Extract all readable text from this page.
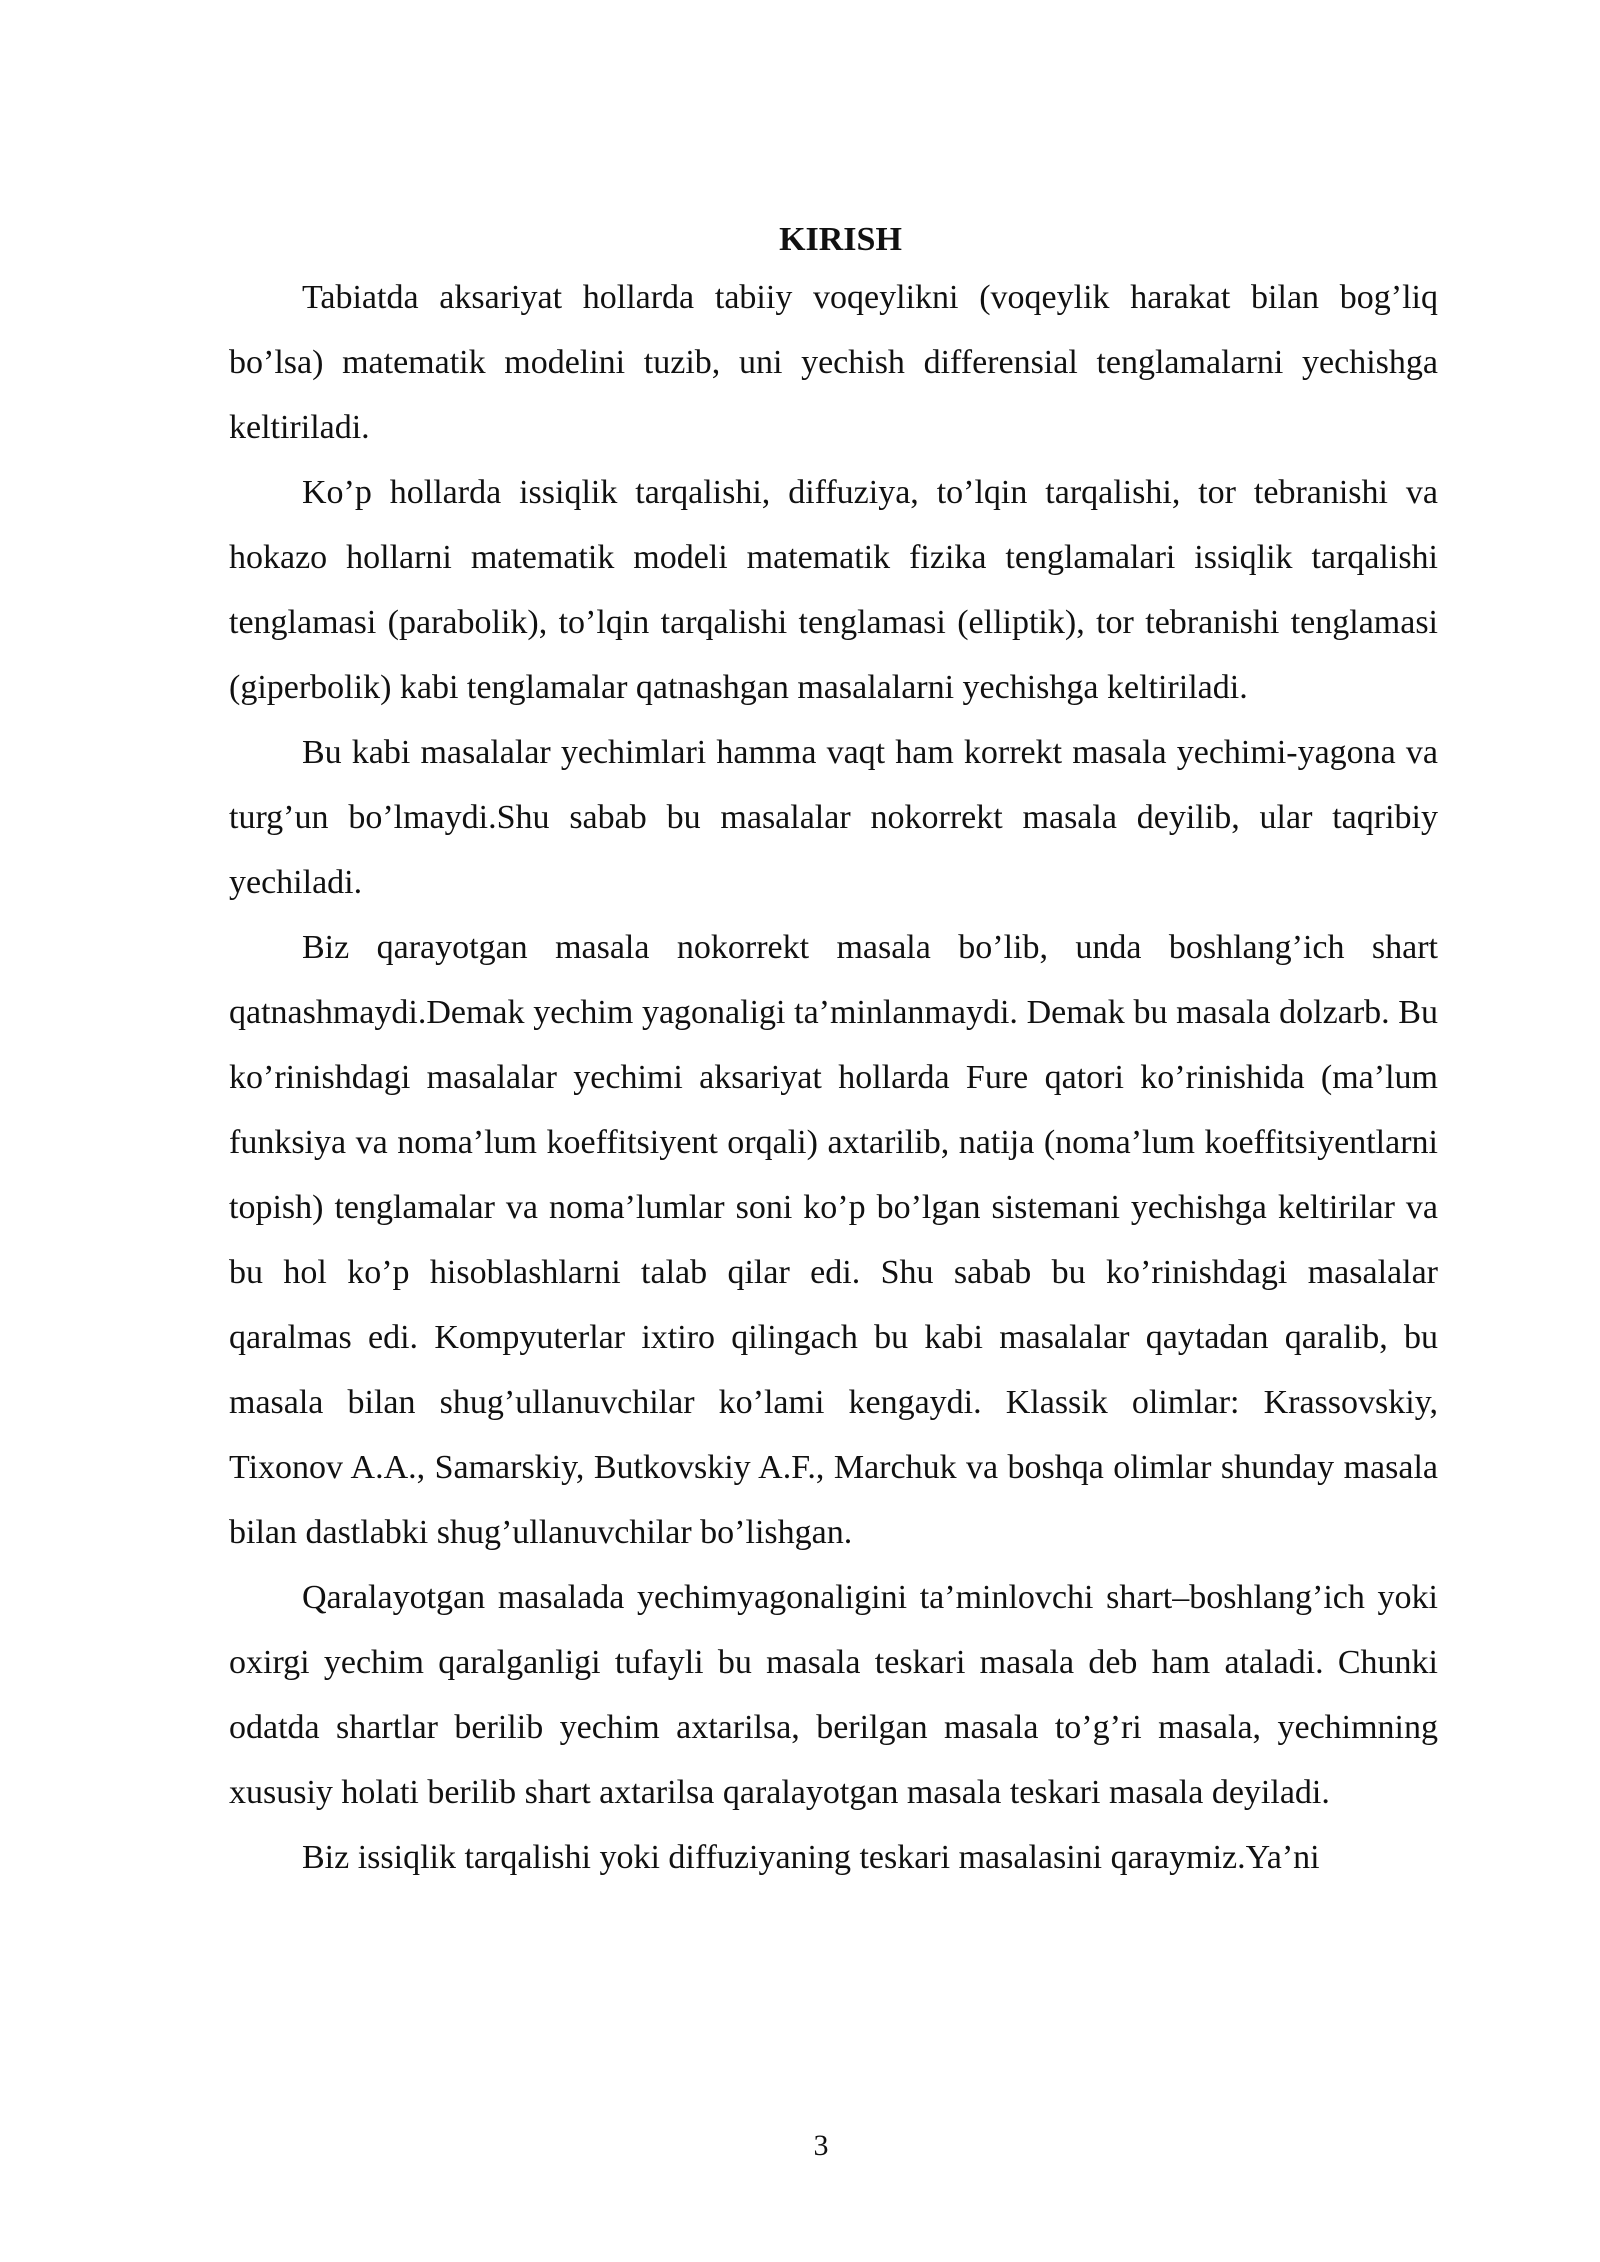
KIRISH

Tabiatda aksariyat hollarda tabiiy voqeylikni (voqeylik harakat bilan bog’liq bo’lsa) matematik modelini tuzib, uni yechish differensial tenglamalarni yechishga keltiriladi.

Ko’p hollarda issiqlik tarqalishi, diffuziya, to’lqin tarqalishi, tor tebranishi va hokazo hollarni matematik modeli matematik fizika tenglamalari issiqlik tarqalishi tenglamasi (parabolik), to’lqin tarqalishi tenglamasi (elliptik), tor tebranishi tenglamasi (giperbolik) kabi tenglamalar qatnashgan masalalarni yechishga keltiriladi.

Bu kabi masalalar yechimlari hamma vaqt ham korrekt masala yechimi-yagona va turg’un bo’lmaydi.Shu sabab bu masalalar nokorrekt masala deyilib, ular taqribiy yechiladi.

Biz qarayotgan masala nokorrekt masala bo’lib, unda boshlang’ich shart qatnashmaydi.Demak yechim yagonaligi ta’minlanmaydi. Demak bu masala dolzarb. Bu ko’rinishdagi masalalar yechimi aksariyat hollarda Fure qatori ko’rinishida (ma’lum funksiya va noma’lum koeffitsiyent orqali) axtarilib, natija (noma’lum koeffitsiyentlarni topish) tenglamalar va noma’lumlar soni ko’p bo’lgan sistemani yechishga keltirilar va bu hol ko’p hisoblashlarni talab qilar edi. Shu sabab bu ko’rinishdagi masalalar qaralmas edi. Kompyuterlar ixtiro qilingach bu kabi masalalar qaytadan qaralib, bu masala bilan shug’ullanuvchilar ko’lami kengaydi. Klassik olimlar: Krassovskiy, Tixonov A.A., Samarskiy, Butkovskiy A.F., Marchuk va boshqa olimlar shunday masala bilan dastlabki shug’ullanuvchilar bo’lishgan.

Qaralayotgan masalada yechimyagonaligini ta’minlovchi shart–boshlang’ich yoki oxirgi yechim qaralganligi tufayli bu masala teskari masala deb ham ataladi. Chunki odatda shartlar berilib yechim axtarilsa, berilgan masala to’g’ri masala, yechimning xususiy holati berilib shart axtarilsa qaralayotgan masala teskari masala deyiladi.

Biz issiqlik tarqalishi yoki diffuziyaning teskari masalasini qaraymiz.Ya’ni

3
